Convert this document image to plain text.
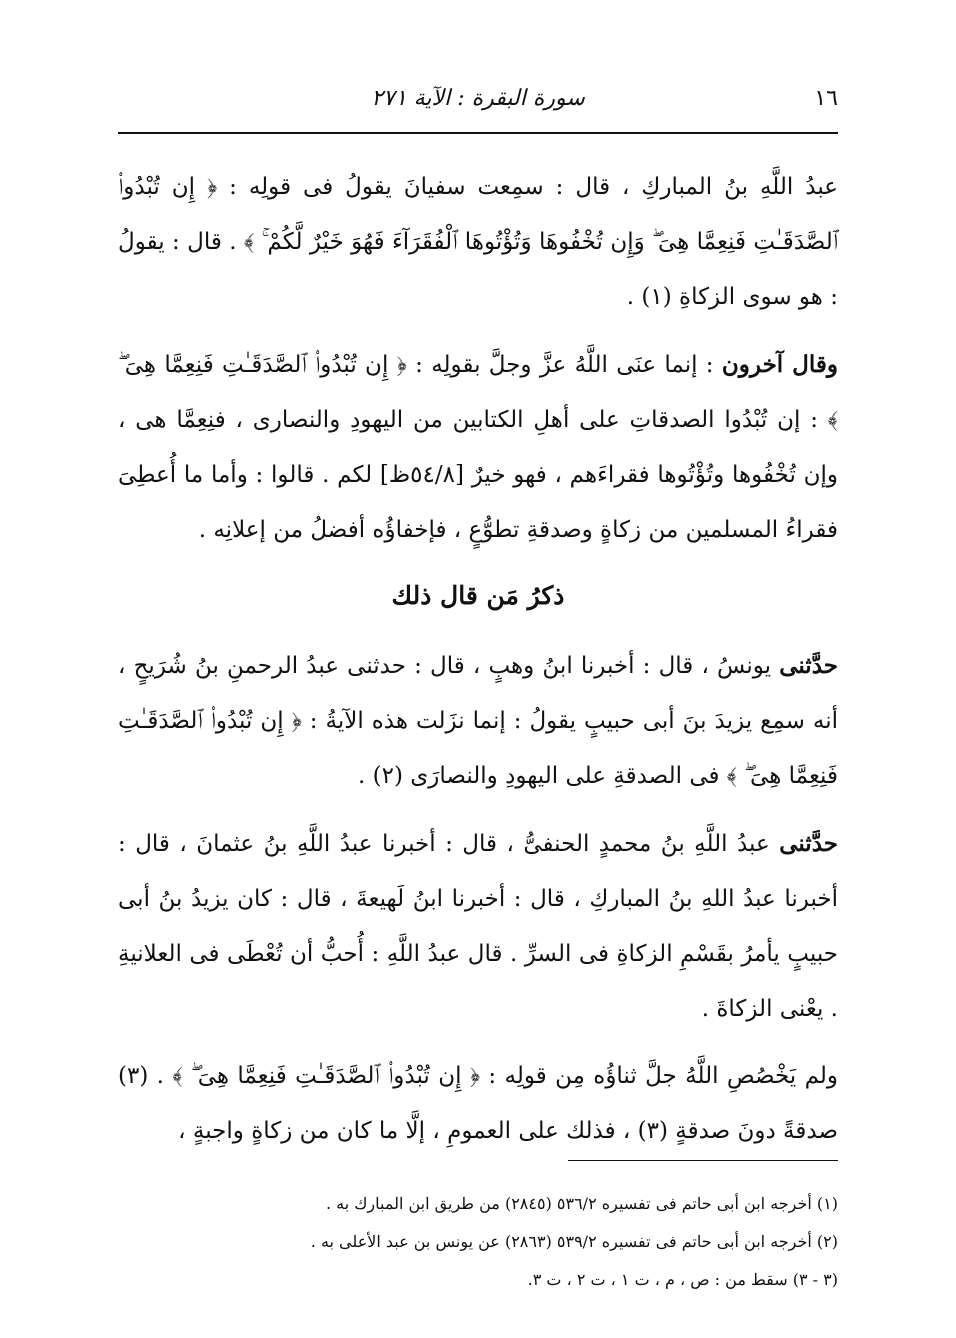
١٦
سورة البقرة : الآية ٢٧١

عبدُ اللَّهِ بنُ المباركِ ، قال : سمِعت سفيانَ يقولُ فى قولِه : ﴿ إِن تُبْدُوا۟ ٱلصَّدَقَـٰتِ فَنِعِمَّا هِىَ ۖ وَإِن تُخْفُوهَا وَتُؤْتُوهَا ٱلْفُقَرَآءَ فَهُوَ خَيْرٌ لَّكُمْ ۚ ﴾ . قال : يقولُ : هو سوى الزكاةِ (١) .

وقال آخرون : إنما عنَى اللَّهُ عزَّ وجلَّ بقولِه : ﴿ إِن تُبْدُوا۟ ٱلصَّدَقَـٰتِ فَنِعِمَّا هِىَ ۖ ﴾ : إن تُبْدُوا الصدقاتِ على أهلِ الكتابين من اليهودِ والنصارى ، فنِعِمَّا هى ، وإن تُخْفُوها وتُؤْتُوها فقراءَهم ، فهو خيرٌ [٥٤/٨ظ] لكم . قالوا : وأما ما أُعطِىَ فقراءُ المسلمين من زكاةٍ وصدقةِ تطوُّعٍ ، فإخفاؤُه أفضلُ من إعلانِه .

ذكرُ مَن قال ذلك

حدَّثنى يونسُ ، قال : أخبرنا ابنُ وهبٍ ، قال : حدثنى عبدُ الرحمنِ بنُ شُرَيحٍ ، أنه سمِع يزيدَ بنَ أبى حبيبٍ يقولُ : إنما نزَلت هذه الآيةُ : ﴿ إِن تُبْدُوا۟ ٱلصَّدَقَـٰتِ فَنِعِمَّا هِىَ ۖ ﴾ فى الصدقةِ على اليهودِ والنصارَى (٢) .

حدَّثنى عبدُ اللَّهِ بنُ محمدٍ الحنفىُّ ، قال : أخبرنا عبدُ اللَّهِ بنُ عثمانَ ، قال : أخبرنا عبدُ اللهِ بنُ المباركِ ، قال : أخبرنا ابنُ لَهيعةَ ، قال : كان يزيدُ بنُ أبى حبيبٍ يأمرُ بقَسْمِ الزكاةِ فى السرِّ . قال عبدُ اللَّهِ : أُحبُّ أن تُعْطَى فى العلانيةِ . يعْنى الزكاةَ .

ولم يَخْصُصِ اللَّهُ جلَّ ثناؤُه مِن قولِه : ﴿ إِن تُبْدُوا۟ ٱلصَّدَقَـٰتِ فَنِعِمَّا هِىَ ۖ ﴾ . (٣) صدقةً دونَ صدقةٍ (٣) ، فذلك على العمومِ ، إلَّا ما كان من زكاةٍ واجبةٍ ،

(١) أخرجه ابن أبى حاتم فى تفسيره ٥٣٦/٢ (٢٨٤٥) من طريق ابن المبارك به .

(٢) أخرجه ابن أبى حاتم فى تفسيره ٥٣٩/٢ (٢٨٦٣) عن يونس بن عبد الأعلى به .

(٣ - ٣) سقط من : ص ، م ، ت ١ ، ت ٢ ، ت ٣.
